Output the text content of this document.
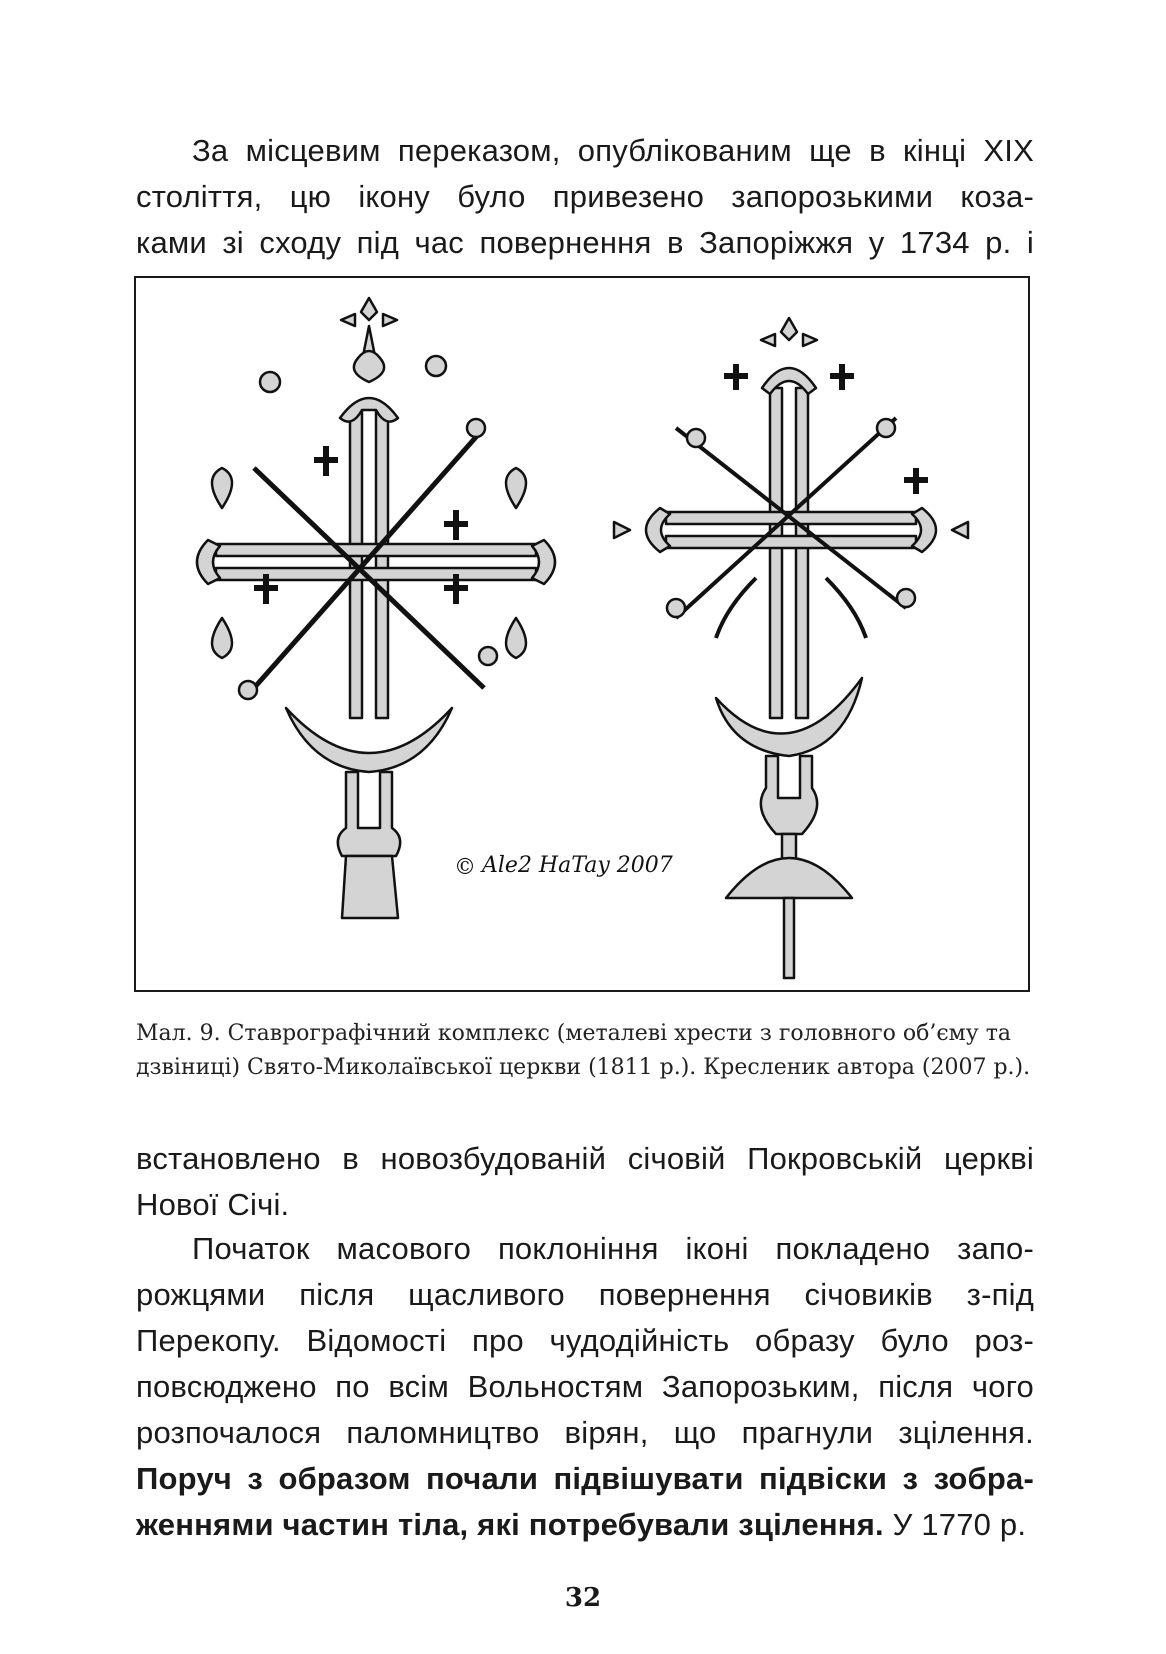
За місцевим переказом, опублікованим ще в кінці XIX
століття, цю ікону було привезено запорозькими коза-
ками зі сходу під час повернення в Запоріжжя у 1734 р. і
© Ale2 HaTay 2007
Мал. 9. Ставрографічний комплекс (металеві хрести з головного об’єму та
дзвіниці) Свято-Миколаївської церкви (1811 р.). Кресленик автора (2007 р.).
встановлено в новозбудованій січовій Покровській церкві
Нової Січі.
Початок масового поклоніння іконі покладено запо-
рожцями після щасливого повернення січовиків з-під
Перекопу. Відомості про чудодійність образу було роз-
повсюджено по всім Вольностям Запорозьким, після чого
розпочалося паломництво вірян, що прагнули зцілення.
Поруч з образом почали підвішувати підвіски з зобра-
женнями частин тіла, які потребували зцілення. У 1770 р.
32
